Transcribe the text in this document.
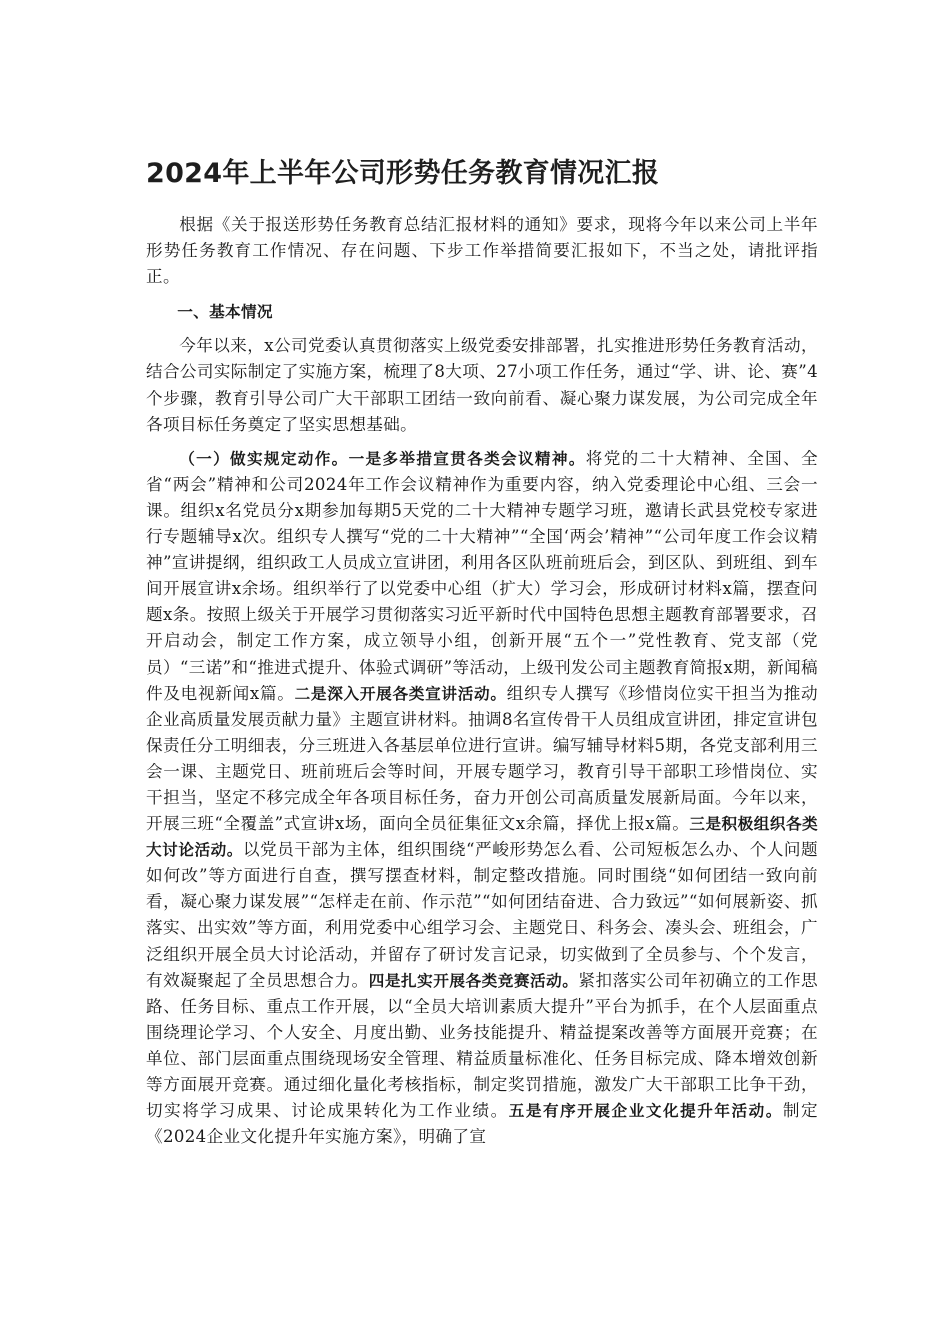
2024年上半年公司形势任务教育情况汇报

根据《关于报送形势任务教育总结汇报材料的通知》要求，现将今年以来公司上半年形势任务教育工作情况、存在问题、下步工作举措简要汇报如下，不当之处，请批评指正。

一、基本情况

今年以来，x公司党委认真贯彻落实上级党委安排部署，扎实推进形势任务教育活动，结合公司实际制定了实施方案，梳理了8大项、27小项工作任务，通过“学、讲、论、赛”4个步骤，教育引导公司广大干部职工团结一致向前看、凝心聚力谋发展，为公司完成全年各项目标任务奠定了坚实思想基础。

（一）做实规定动作。一是多举措宣贯各类会议精神。将党的二十大精神、全国、全省“两会”精神和公司2024年工作会议精神作为重要内容，纳入党委理论中心组、三会一课。组织x名党员分x期参加每期5天党的二十大精神专题学习班，邀请长武县党校专家进行专题辅导x次。组织专人撰写“党的二十大精神”“全国‘两会’精神”“公司年度工作会议精神”宣讲提纲，组织政工人员成立宣讲团，利用各区队班前班后会，到区队、到班组、到车间开展宣讲x余场。组织举行了以党委中心组（扩大）学习会，形成研讨材料x篇，摆查问题x条。按照上级关于开展学习贯彻落实习近平新时代中国特色思想主题教育部署要求，召开启动会，制定工作方案，成立领导小组，创新开展“五个一”党性教育、党支部（党员）“三诺”和“推进式提升、体验式调研”等活动，上级刊发公司主题教育简报x期，新闻稿件及电视新闻x篇。二是深入开展各类宣讲活动。组织专人撰写《珍惜岗位实干担当为推动企业高质量发展贡献力量》主题宣讲材料。抽调8名宣传骨干人员组成宣讲团，排定宣讲包保责任分工明细表，分三班进入各基层单位进行宣讲。编写辅导材料5期，各党支部利用三会一课、主题党日、班前班后会等时间，开展专题学习，教育引导干部职工珍惜岗位、实干担当，坚定不移完成全年各项目标任务，奋力开创公司高质量发展新局面。今年以来，开展三班“全覆盖”式宣讲x场，面向全员征集征文x余篇，择优上报x篇。三是积极组织各类大讨论活动。以党员干部为主体，组织围绕“严峻形势怎么看、公司短板怎么办、个人问题如何改”等方面进行自查，撰写摆查材料，制定整改措施。同时围绕“如何团结一致向前看，凝心聚力谋发展”“怎样走在前、作示范”“如何团结奋进、合力致远”“如何展新姿、抓落实、出实效”等方面，利用党委中心组学习会、主题党日、科务会、凑头会、班组会，广泛组织开展全员大讨论活动，并留存了研讨发言记录，切实做到了全员参与、个个发言，有效凝聚起了全员思想合力。四是扎实开展各类竞赛活动。紧扣落实公司年初确立的工作思路、任务目标、重点工作开展，以“全员大培训素质大提升”平台为抓手，在个人层面重点围绕理论学习、个人安全、月度出勤、业务技能提升、精益提案改善等方面展开竞赛；在单位、部门层面重点围绕现场安全管理、精益质量标准化、任务目标完成、降本增效创新等方面展开竞赛。通过细化量化考核指标，制定奖罚措施，激发广大干部职工比争干劲，切实将学习成果、讨论成果转化为工作业绩。五是有序开展企业文化提升年活动。制定《2024企业文化提升年实施方案》，明确了宣
